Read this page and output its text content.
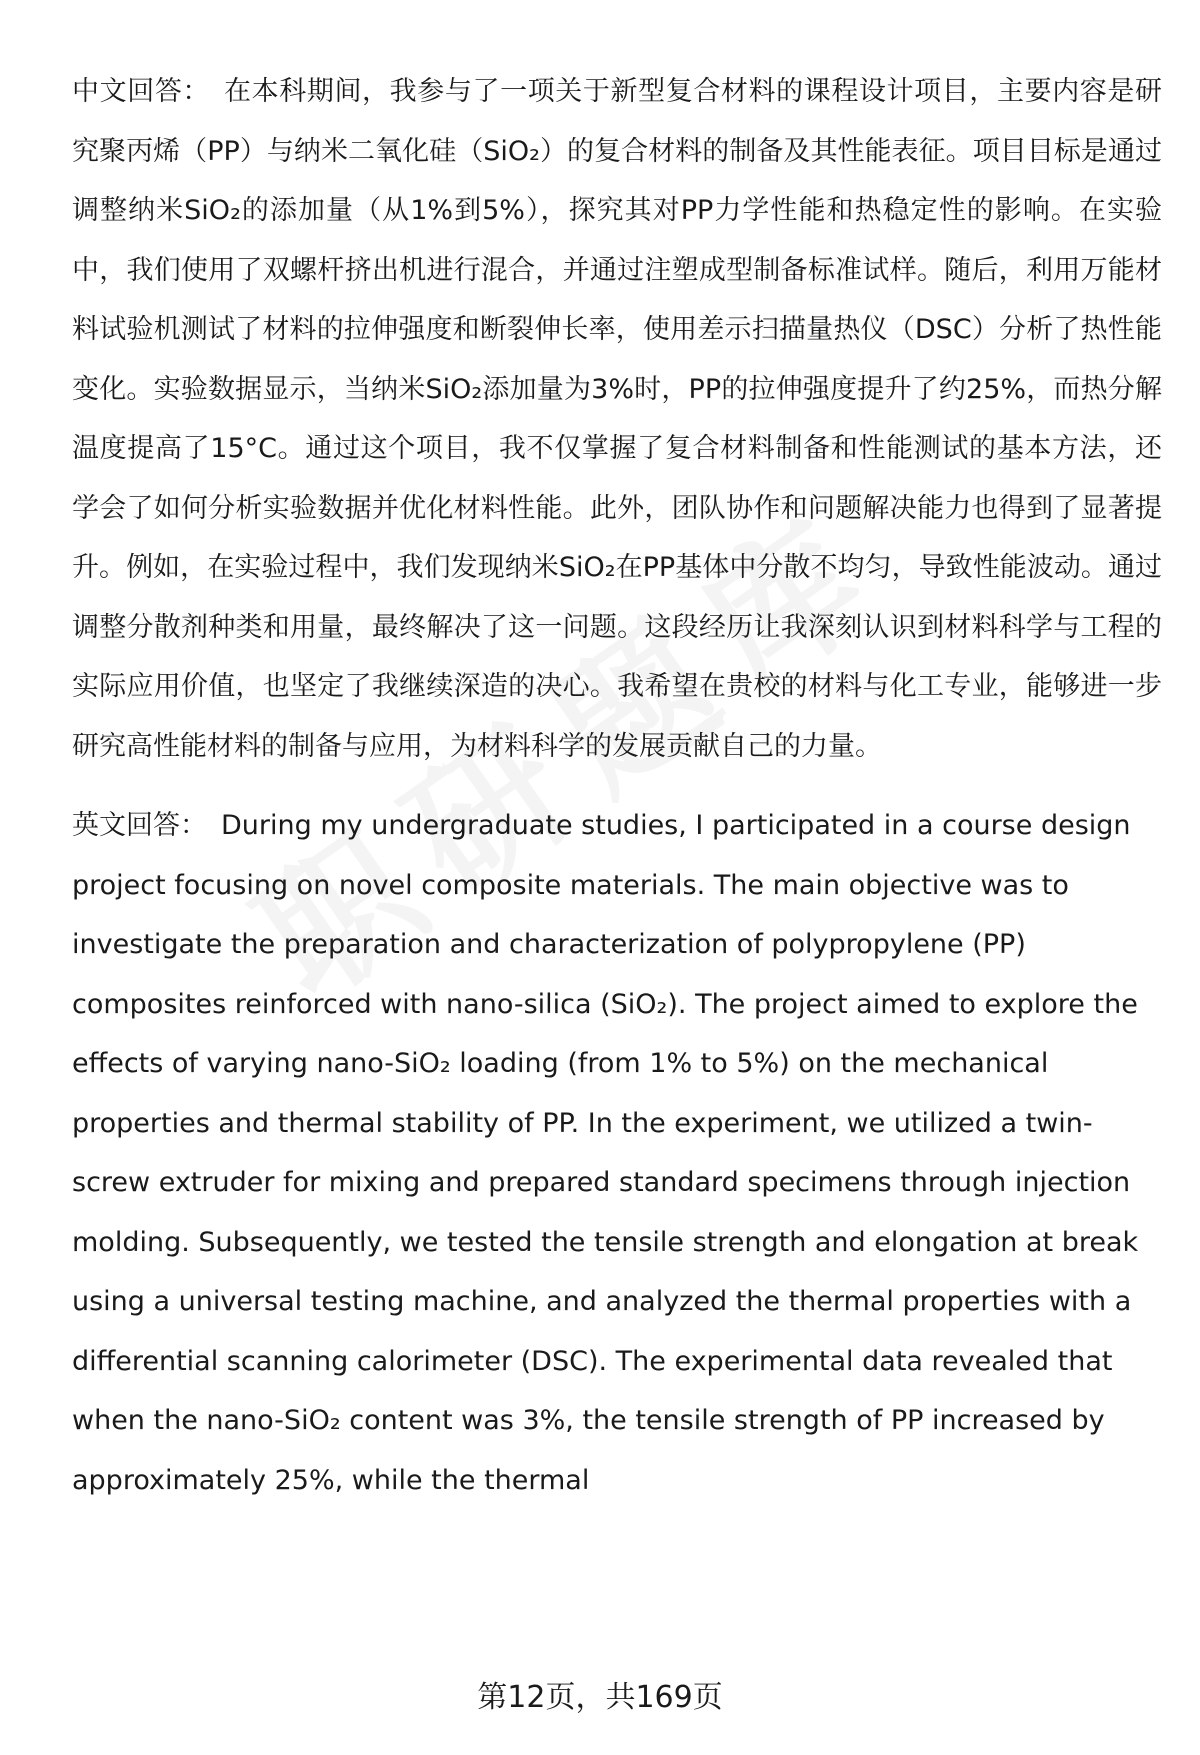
中文回答： 在本科期间，我参与了一项关于新型复合材料的课程设计项目，主要内容是研究聚丙烯（PP）与纳米二氧化硅（SiO₂）的复合材料的制备及其性能表征。项目目标是通过调整纳米SiO₂的添加量（从1%到5%），探究其对PP力学性能和热稳定性的影响。在实验中，我们使用了双螺杆挤出机进行混合，并通过注塑成型制备标准试样。随后，利用万能材料试验机测试了材料的拉伸强度和断裂伸长率，使用差示扫描量热仪（DSC）分析了热性能变化。实验数据显示，当纳米SiO₂添加量为3%时，PP的拉伸强度提升了约25%，而热分解温度提高了15°C。通过这个项目，我不仅掌握了复合材料制备和性能测试的基本方法，还学会了如何分析实验数据并优化材料性能。此外，团队协作和问题解决能力也得到了显著提升。例如，在实验过程中，我们发现纳米SiO₂在PP基体中分散不均匀，导致性能波动。通过调整分散剂种类和用量，最终解决了这一问题。这段经历让我深刻认识到材料科学与工程的实际应用价值，也坚定了我继续深造的决心。我希望在贵校的材料与化工专业，能够进一步研究高性能材料的制备与应用，为材料科学的发展贡献自己的力量。

英文回答： During my undergraduate studies, I participated in a course design project focusing on novel composite materials. The main objective was to investigate the preparation and characterization of polypropylene (PP) composites reinforced with nano-silica (SiO₂). The project aimed to explore the effects of varying nano-SiO₂ loading (from 1% to 5%) on the mechanical properties and thermal stability of PP. In the experiment, we utilized a twin-screw extruder for mixing and prepared standard specimens through injection molding. Subsequently, we tested the tensile strength and elongation at break using a universal testing machine, and analyzed the thermal properties with a differential scanning calorimeter (DSC). The experimental data revealed that when the nano-SiO₂ content was 3%, the tensile strength of PP increased by approximately 25%, while the thermal

第12页，共169页
